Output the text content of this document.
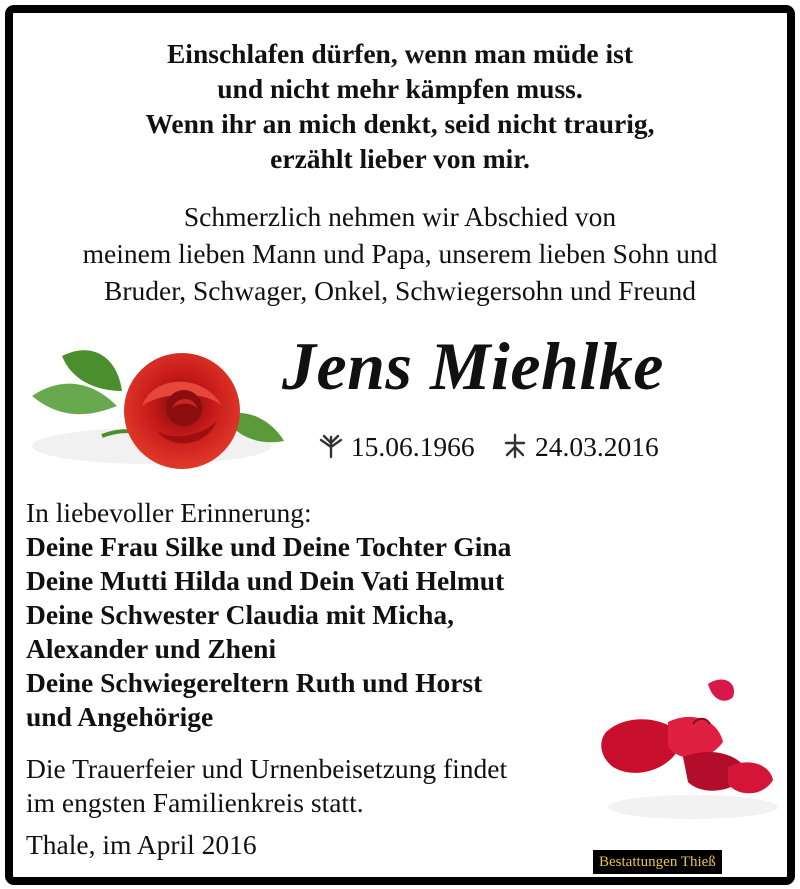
Einschlafen dürfen, wenn man müde ist
und nicht mehr kämpfen muss.
Wenn ihr an mich denkt, seid nicht traurig,
erzählt lieber von mir.
Schmerzlich nehmen wir Abschied von
meinem lieben Mann und Papa, unserem lieben Sohn und
Bruder, Schwager, Onkel, Schwiegersohn und Freund
Jens Miehlke
15.06.1966 24.03.2016
In liebevoller Erinnerung:
Deine Frau Silke und Deine Tochter Gina
Deine Mutti Hilda und Dein Vati Helmut
Deine Schwester Claudia mit Micha,
Alexander und Zheni
Deine Schwiegereltern Ruth und Horst
und Angehörige
Die Trauerfeier und Urnenbeisetzung findet
im engsten Familienkreis statt.
Thale, im April 2016
Bestattungen Thieß
